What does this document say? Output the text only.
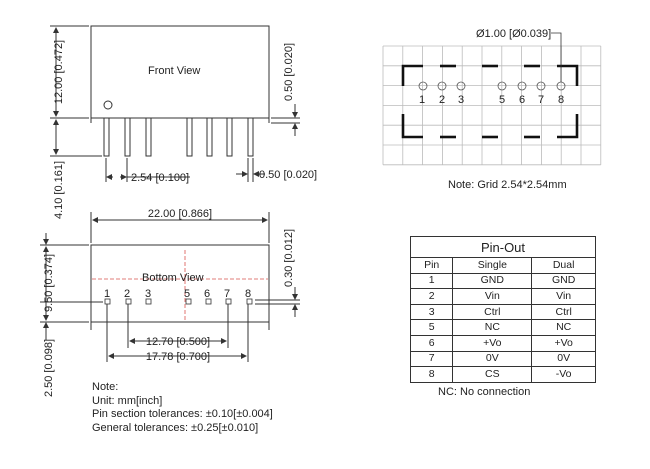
Front View
12.00 [0.472]
4.10 [0.161]
0.50 [0.020]
2.54 [0.100]	0.50 [0.020]
1 2 3	5 6 7 8
Bottom View
22.00 [0.866]
9.50 [0.374]
2.50 [0.098]
0.30 [0.012]
12.70 [0.500]
17.78 [0.700]
1 2 3	5 6 7 8
Ø1.00 [Ø0.039]
Note: Grid 2.54*2.54mm
Pin-Out
Pin	Single	Dual
1	GND	GND
2	Vin	Vin
3	Ctrl	Ctrl
5	NC	NC
6	+Vo	+Vo
7	0V	0V
8	CS	-Vo
NC: No connection
Note:
Unit: mm[inch]
Pin section tolerances: ±0.10[±0.004]
General tolerances: ±0.25[±0.010]
